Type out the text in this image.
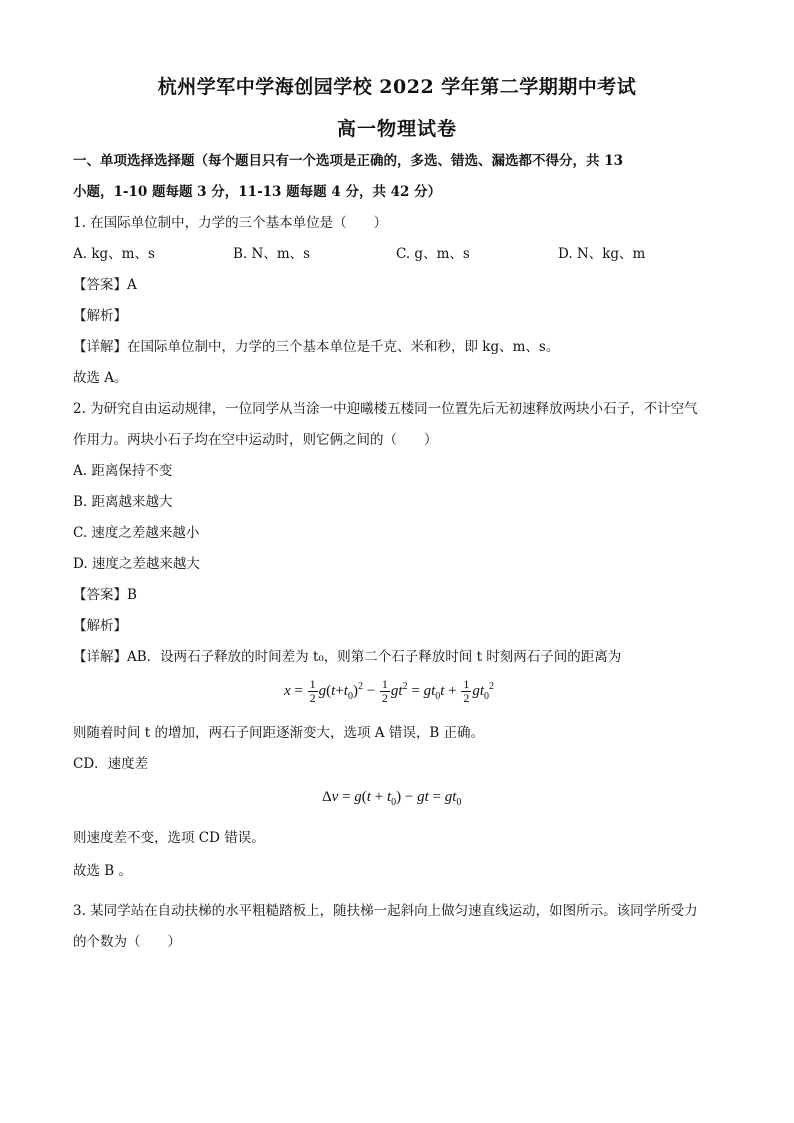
杭州学军中学海创园学校 2022 学年第二学期期中考试
高一物理试卷
一、单项选择选择题（每个题目只有一个选项是正确的，多选、错选、漏选都不得分，共 13
小题，1-10 题每题 3 分，11-13 题每题 4 分，共 42 分）
1. 在国际单位制中，力学的三个基本单位是（　　）
A. kg、m、s	B. N、m、s	C. g、m、s	D. N、kg、m
【答案】A
【解析】
【详解】在国际单位制中，力学的三个基本单位是千克、米和秒，即 kg、m、s。
故选 A。
2. 为研究自由运动规律，一位同学从当涂一中迎曦楼五楼同一位置先后无初速释放两块小石子，不计空气
作用力。两块小石子均在空中运动时，则它俩之间的（　　）
A. 距离保持不变
B. 距离越来越大
C. 速度之差越来越小
D. 速度之差越来越大
【答案】B
【解析】
【详解】AB．设两石子释放的时间差为 t₀，则第二个石子释放时间 t 时刻两石子间的距离为
$x = \frac{1}{2} g(t+t_0)^2 - \frac{1}{2} gt^2 = gt_0t + \frac{1}{2} gt_0^2$
则随着时间 t 的增加，两石子间距逐渐变大，选项 A 错误，B 正确。
CD．速度差
$\Delta v = g(t + t_0)$ − gt = $gt_0$
则速度差不变，选项 CD 错误。
故选 B 。
3. 某同学站在自动扶梯的水平粗糙踏板上，随扶梯一起斜向上做匀速直线运动，如图所示。该同学所受力
的个数为（　　）
